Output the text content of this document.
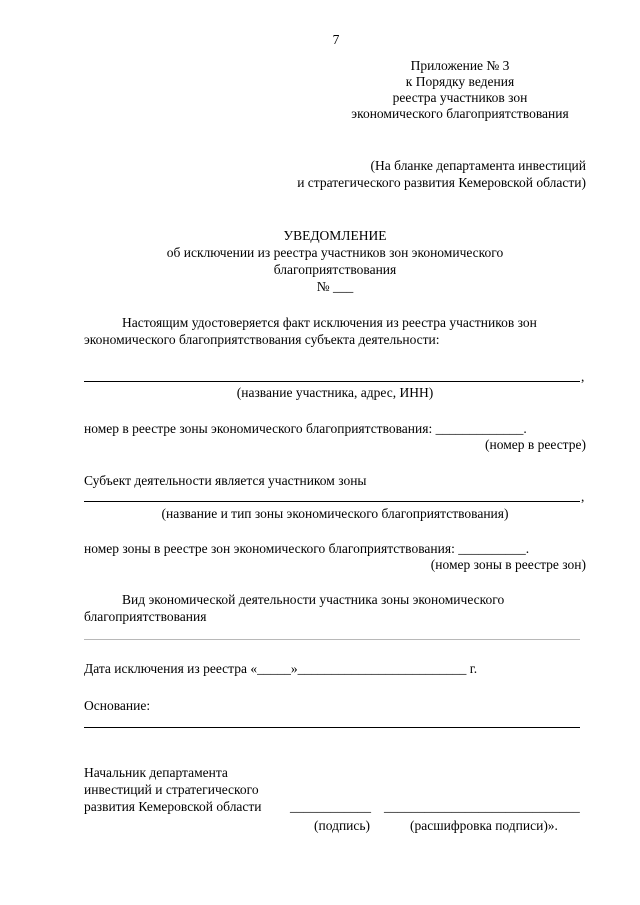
7
Приложение № 3
к Порядку ведения
реестра участников зон
экономического благоприятствования
(На бланке департамента инвестиций
и стратегического развития Кемеровской области)
УВЕДОМЛЕНИЕ
об исключении из реестра участников зон экономического
благоприятствования
№ ___
Настоящим удостоверяется факт исключения из реестра участников зон
экономического благоприятствования субъекта деятельности:
,
(название участника, адрес, ИНН)
номер в реестре зоны экономического благоприятствования: _____________.
(номер в реестре)
Субъект деятельности является участником зоны
,
(название и тип зоны экономического благоприятствования)
номер зоны в реестре зон экономического благоприятствования: __________.
(номер зоны в реестре зон)
Вид экономической деятельности участника зоны экономического
благоприятствования
Дата исключения из реестра «_____»_________________________ г.
Основание:
Начальник департамента
инвестиций и стратегического
развития Кемеровской области ____________ _____________________________
(подпись)	(расшифровка подписи)».
